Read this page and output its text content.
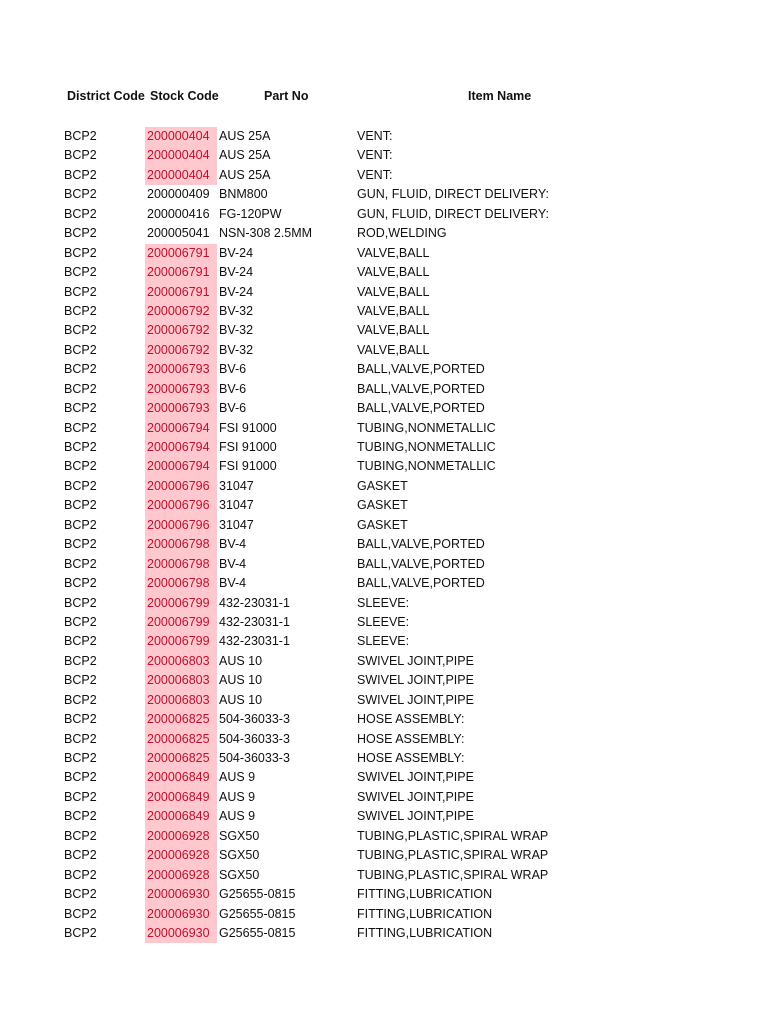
District Code Stock Code	Part No	Item Name
BCP2	200000404 AUS 25A	VENT:
BCP2	200000404 AUS 25A	VENT:
BCP2	200000404 AUS 25A	VENT:
BCP2	200000409 BNM800	GUN, FLUID, DIRECT DELIVERY:
BCP2	200000416 FG-120PW	GUN, FLUID, DIRECT DELIVERY:
BCP2	200005041 NSN-308 2.5MM	ROD,WELDING
BCP2	200006791 BV-24	VALVE,BALL
BCP2	200006791 BV-24	VALVE,BALL
BCP2	200006791 BV-24	VALVE,BALL
BCP2	200006792 BV-32	VALVE,BALL
BCP2	200006792 BV-32	VALVE,BALL
BCP2	200006792 BV-32	VALVE,BALL
BCP2	200006793 BV-6	BALL,VALVE,PORTED
BCP2	200006793 BV-6	BALL,VALVE,PORTED
BCP2	200006793 BV-6	BALL,VALVE,PORTED
BCP2	200006794 FSI 91000	TUBING,NONMETALLIC
BCP2	200006794 FSI 91000	TUBING,NONMETALLIC
BCP2	200006794 FSI 91000	TUBING,NONMETALLIC
BCP2	200006796 31047	GASKET
BCP2	200006796 31047	GASKET
BCP2	200006796 31047	GASKET
BCP2	200006798 BV-4	BALL,VALVE,PORTED
BCP2	200006798 BV-4	BALL,VALVE,PORTED
BCP2	200006798 BV-4	BALL,VALVE,PORTED
BCP2	200006799 432-23031-1	SLEEVE:
BCP2	200006799 432-23031-1	SLEEVE:
BCP2	200006799 432-23031-1	SLEEVE:
BCP2	200006803 AUS 10	SWIVEL JOINT,PIPE
BCP2	200006803 AUS 10	SWIVEL JOINT,PIPE
BCP2	200006803 AUS 10	SWIVEL JOINT,PIPE
BCP2	200006825 504-36033-3	HOSE ASSEMBLY:
BCP2	200006825 504-36033-3	HOSE ASSEMBLY:
BCP2	200006825 504-36033-3	HOSE ASSEMBLY:
BCP2	200006849 AUS 9	SWIVEL JOINT,PIPE
BCP2	200006849 AUS 9	SWIVEL JOINT,PIPE
BCP2	200006849 AUS 9	SWIVEL JOINT,PIPE
BCP2	200006928 SGX50	TUBING,PLASTIC,SPIRAL WRAP
BCP2	200006928 SGX50	TUBING,PLASTIC,SPIRAL WRAP
BCP2	200006928 SGX50	TUBING,PLASTIC,SPIRAL WRAP
BCP2	200006930 G25655-0815	FITTING,LUBRICATION
BCP2	200006930 G25655-0815	FITTING,LUBRICATION
BCP2	200006930 G25655-0815	FITTING,LUBRICATION
